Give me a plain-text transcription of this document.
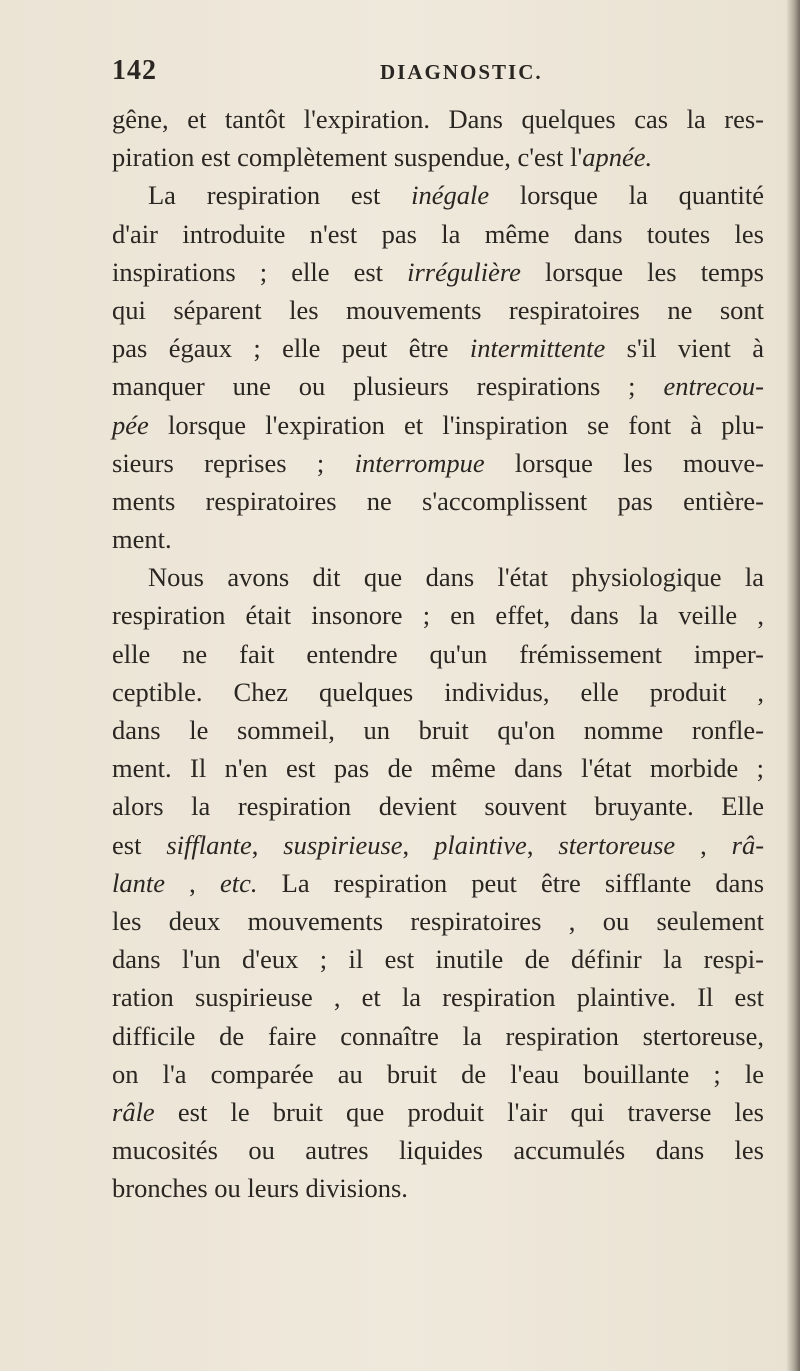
142	DIAGNOSTIC.
gêne, et tantôt l'expiration. Dans quelques cas la res-
piration est complètement suspendue, c'est l'apnée.
La respiration est inégale lorsque la quantité
d'air introduite n'est pas la même dans toutes les
inspirations ; elle est irrégulière lorsque les temps
qui séparent les mouvements respiratoires ne sont
pas égaux ; elle peut être intermittente s'il vient à
manquer une ou plusieurs respirations ; entrecou-
pée lorsque l'expiration et l'inspiration se font à plu-
sieurs reprises ; interrompue lorsque les mouve-
ments respiratoires ne s'accomplissent pas entière-
ment.
Nous avons dit que dans l'état physiologique la
respiration était insonore ; en effet, dans la veille ,
elle ne fait entendre qu'un frémissement imper-
ceptible. Chez quelques individus, elle produit ,
dans le sommeil, un bruit qu'on nomme ronfle-
ment. Il n'en est pas de même dans l'état morbide ;
alors la respiration devient souvent bruyante. Elle
est sifflante, suspirieuse, plaintive, stertoreuse , râ-
lante , etc. La respiration peut être sifflante dans
les deux mouvements respiratoires , ou seulement
dans l'un d'eux ; il est inutile de définir la respi-
ration suspirieuse , et la respiration plaintive. Il est
difficile de faire connaître la respiration stertoreuse,
on l'a comparée au bruit de l'eau bouillante ; le
râle est le bruit que produit l'air qui traverse les
mucosités ou autres liquides accumulés dans les
bronches ou leurs divisions.
